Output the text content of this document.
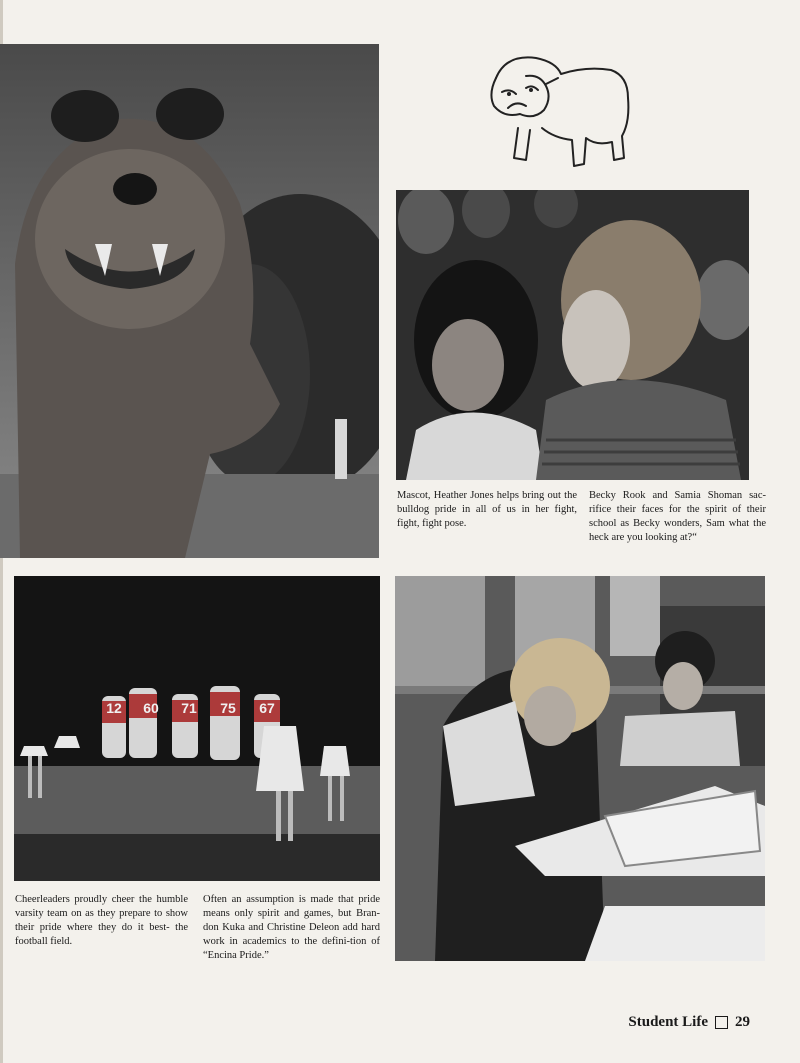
Mascot, Heather Jones helps bring out the bulldog pride in all of us in her fight, fight, fight pose.

Becky Rook and Samia Shoman sac-rifice their faces for the spirit of their school as Becky wonders, Sam what the heck are you looking at?“

12	60	71	75	67

Cheerleaders proudly cheer the humble varsity team on as they prepare to show their pride where they do it best- the football field.

Often an assumption is made that pride means only spirit and games, but Bran-don Kuka and Christine Deleon add hard work in academics to the defini-tion of “Encina Pride.”

Student Life 29
